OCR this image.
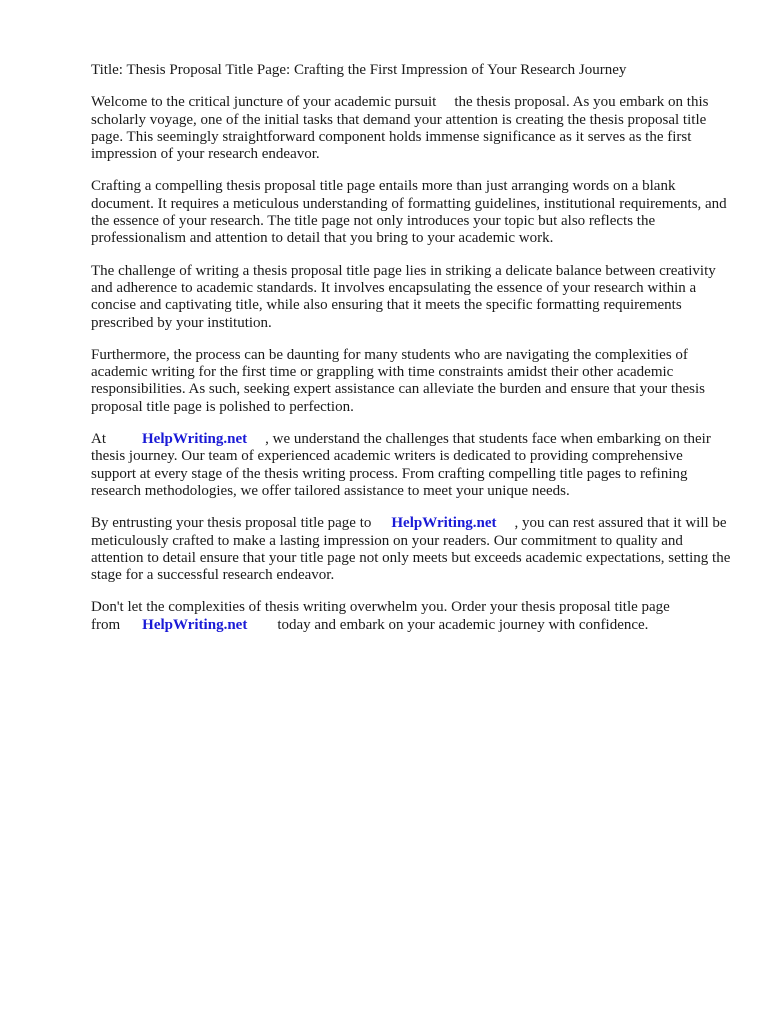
Title: Thesis Proposal Title Page: Crafting the First Impression of Your Research Journey

Welcome to the critical juncture of your academic pursuit the thesis proposal. As you embark on this scholarly voyage, one of the initial tasks that demand your attention is creating the thesis proposal title page. This seemingly straightforward component holds immense significance as it serves as the first impression of your research endeavor.

Crafting a compelling thesis proposal title page entails more than just arranging words on a blank document. It requires a meticulous understanding of formatting guidelines, institutional requirements, and the essence of your research. The title page not only introduces your topic but also reflects the professionalism and attention to detail that you bring to your academic work.

The challenge of writing a thesis proposal title page lies in striking a delicate balance between creativity and adherence to academic standards. It involves encapsulating the essence of your research within a concise and captivating title, while also ensuring that it meets the specific formatting requirements prescribed by your institution.

Furthermore, the process can be daunting for many students who are navigating the complexities of academic writing for the first time or grappling with time constraints amidst their other academic responsibilities. As such, seeking expert assistance can alleviate the burden and ensure that your thesis proposal title page is polished to perfection.

At HelpWriting.net , we understand the challenges that students face when embarking on their thesis journey. Our team of experienced academic writers is dedicated to providing comprehensive support at every stage of the thesis writing process. From crafting compelling title pages to refining research methodologies, we offer tailored assistance to meet your unique needs.

By entrusting your thesis proposal title page to HelpWriting.net , you can rest assured that it will be meticulously crafted to make a lasting impression on your readers. Our commitment to quality and attention to detail ensure that your title page not only meets but exceeds academic expectations, setting the stage for a successful research endeavor.

Don't let the complexities of thesis writing overwhelm you. Order your thesis proposal title page from HelpWriting.net today and embark on your academic journey with confidence.
